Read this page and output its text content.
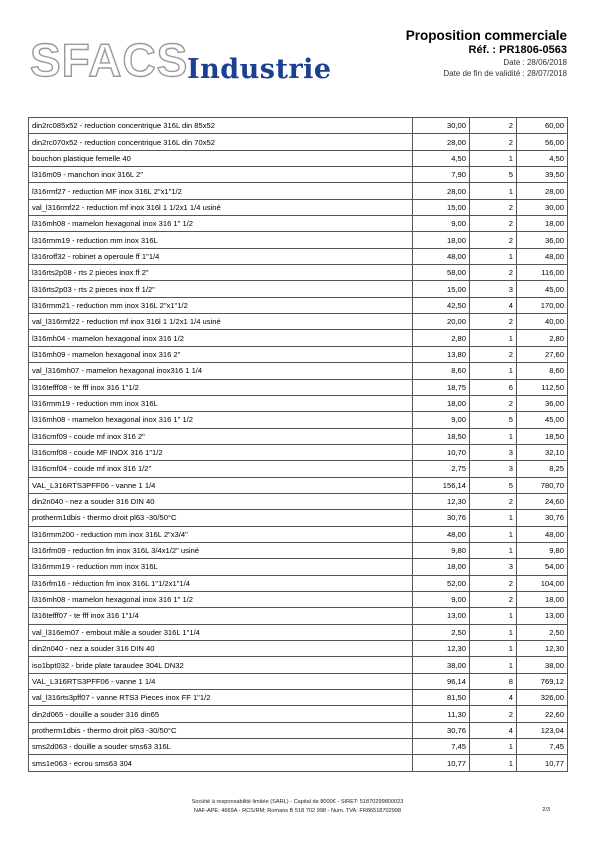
SFACS
Industrie
Proposition commerciale
Réf. : PR1806-0563
Date : 28/06/2018
Date de fin de validité : 28/07/2018
din2rc085x52 - reduction concentrique 316L din 85x52	30,00	2	60,00
din2rc070x52 - reduction concentrique 316L din 70x52	28,00	2	56,00
bouchon plastique femelle 40	4,50	1	4,50
l316m09 - manchon inox 316L 2"	7,90	5	39,50
l316rmf27 - reduction MF inox 316L 2"x1"1/2	28,00	1	28,00
val_l316rmf22 - reduction mf inox 316l 1 1/2x1 1/4 usiné	15,00	2	30,00
l316mh08 - mamelon hexagonal inox 316 1" 1/2	9,00	2	18,00
l316rmm19 - reduction mm inox 316L	18,00	2	36,00
l316roff32 - robinet a operoule ff 1"1/4	48,00	1	48,00
l316rts2p08 - rts 2 pieces inox ff 2"	58,00	2	116,00
l316rts2p03 - rts 2 pieces inox ff 1/2"	15,00	3	45,00
l316rmm21 - reduction mm inox 316L 2"x1"1/2	42,50	4	170,00
val_l316rmf22 - reduction mf inox 316l 1 1/2x1 1/4 usiné	20,00	2	40,00
l316mh04 - mamelon hexagonal inox 316 1/2	2,80	1	2,80
l316mh09 - mamelon hexagonal inox 316 2"	13,80	2	27,60
val_l316mh07 - mamelon hexagonal inox316 1 1/4	8,60	1	8,60
l316tefff08 - te fff inox 316 1"1/2	18,75	6	112,50
l316rmm19 - reduction mm inox 316L	18,00	2	36,00
l316mh08 - mamelon hexagonal inox 316 1" 1/2	9,00	5	45,00
l316cmf09 - coude mf inox 316 2"	18,50	1	18,50
l316cmf08 - coude MF INOX 316 1"1/2	10,70	3	32,10
l316cmf04 - coude mf inox 316 1/2"	2,75	3	8,25
VAL_L316RTS3PFF06 - vanne 1 1/4	156,14	5	780,70
din2n040 - nez a souder 316 DIN 40	12,30	2	24,60
protherm1dbis - thermo droit pl63 -30/50°C	30,76	1	30,76
l316rmm200 - reduction mm inox 316L 2"x3/4"	48,00	1	48,00
l316rfm09 - reduction fm inox 316L 3/4x1/2" usiné	9,80	1	9,80
l316rmm19 - reduction mm inox 316L	18,00	3	54,00
l316rfm16 - réduction fm inox 316L 1"1/2x1"1/4	52,00	2	104,00
l316mh08 - mamelon hexagonal inox 316 1" 1/2	9,00	2	18,00
l316tefff07 - te fff inox 316 1"1/4	13,00	1	13,00
val_l316em07 - embout mâle a souder 316L 1"1/4	2,50	1	2,50
din2n040 - nez a souder 316 DIN 40	12,30	1	12,30
iso1bpt032 - bride plate taraudee 304L DN32	38,00	1	38,00
VAL_L316RTS3PFF06 - vanne 1 1/4	96,14	8	769,12
val_l316rts3pff07 - vanne RTS3 Pieces inox FF 1"1/2	81,50	4	326,00
din2d065 - douille a souder 316 din65	11,30	2	22,60
protherm1dbis - thermo droit pl63 -30/50°C	30,76	4	123,04
sms2d063 - douille a souder sms63 316L	7,45	1	7,45
sms1e063 - ecrou sms63 304	10,77	1	10,77
Société à responsabilité limitée (SARL) - Capital de 8000€ - SIRET: 51870299800023
NAF-APE: 4669A - RCS/RM: Romans B 518 702 998 - Num. TVA: FR86518702998	2/3
